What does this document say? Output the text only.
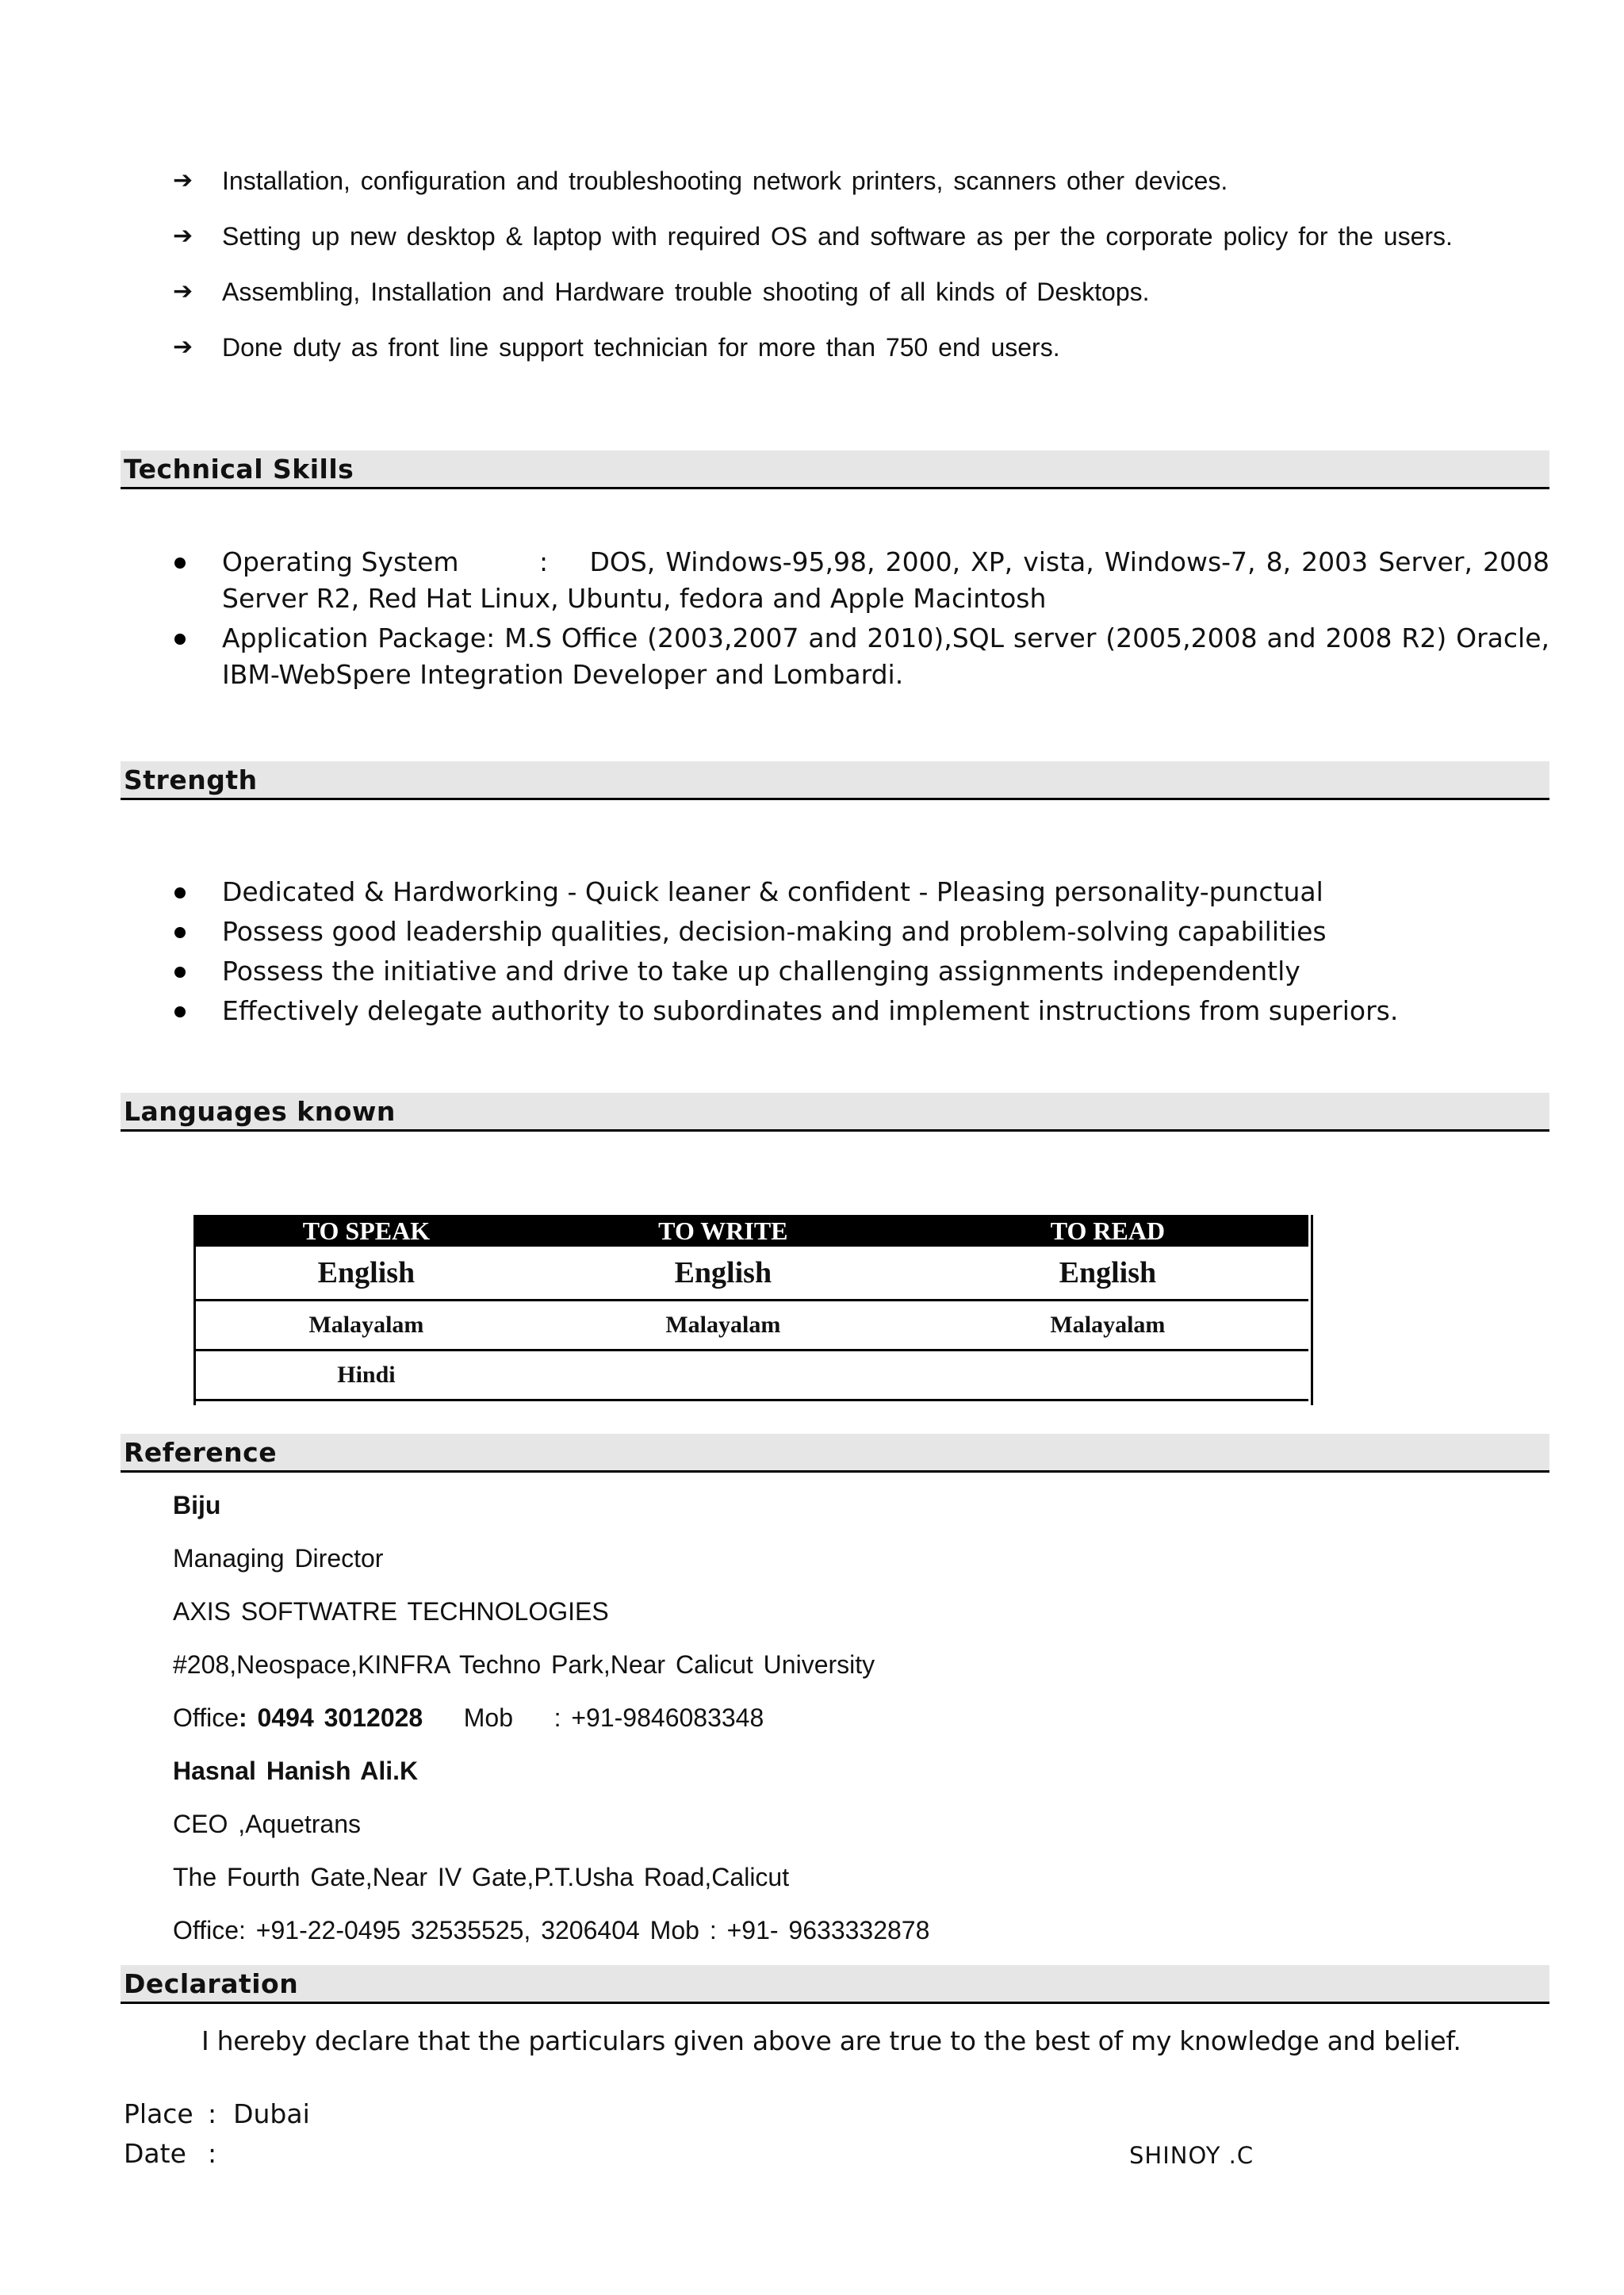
➔ Installation, configuration and troubleshooting network printers, scanners other devices.
➔ Setting up new desktop & laptop with required OS and software as per the corporate policy for the users.
➔ Assembling, Installation and Hardware trouble shooting of all kinds of Desktops.
➔ Done duty as front line support technician for more than 750 end users.
Technical Skills
Operating System	: DOS, Windows-95,98, 2000, XP, vista, Windows-7, 8, 2003 Server, 2008 Server R2, Red Hat Linux, Ubuntu, fedora and Apple Macintosh
Application Package: M.S Office (2003,2007 and 2010),SQL server (2005,2008 and 2008 R2) Oracle, IBM-WebSpere Integration Developer and Lombardi.
Strength
Dedicated & Hardworking - Quick leaner & confident - Pleasing personality-punctual
Possess good leadership qualities, decision-making and problem-solving capabilities
Possess the initiative and drive to take up challenging assignments independently
Effectively delegate authority to subordinates and implement instructions from superiors.
Languages known
TO SPEAK	TO WRITE	TO READ
English	English	English
Malayalam	Malayalam	Malayalam
Hindi		
Reference
Biju
Managing Director
AXIS SOFTWATRE TECHNOLOGIES
#208,Neospace,KINFRA Techno Park,Near Calicut University
Office: 0494 3012028 Mob : +91-9846083348
Hasnal Hanish Ali.K
CEO ,Aquetrans
The Fourth Gate,Near IV Gate,P.T.Usha Road,Calicut
Office: +91-22-0495 32535525, 3206404 Mob : +91- 9633332878
Declaration
I hereby declare that the particulars given above are true to the best of my knowledge and belief.
Place : Dubai
Date :	SHINOY .C
